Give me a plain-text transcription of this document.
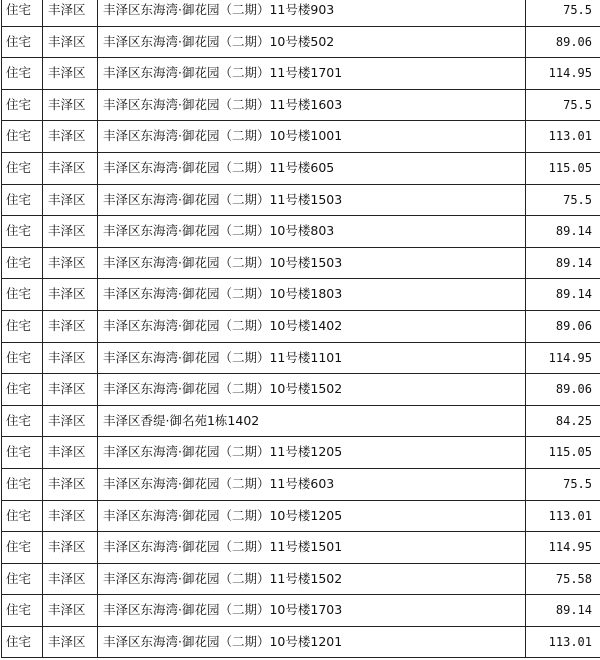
住宅	丰泽区	丰泽区东海湾·御花园（二期）11号楼903	75.5
住宅	丰泽区	丰泽区东海湾·御花园（二期）10号楼502	89.06
住宅	丰泽区	丰泽区东海湾·御花园（二期）11号楼1701	114.95
住宅	丰泽区	丰泽区东海湾·御花园（二期）11号楼1603	75.5
住宅	丰泽区	丰泽区东海湾·御花园（二期）10号楼1001	113.01
住宅	丰泽区	丰泽区东海湾·御花园（二期）11号楼605	115.05
住宅	丰泽区	丰泽区东海湾·御花园（二期）11号楼1503	75.5
住宅	丰泽区	丰泽区东海湾·御花园（二期）10号楼803	89.14
住宅	丰泽区	丰泽区东海湾·御花园（二期）10号楼1503	89.14
住宅	丰泽区	丰泽区东海湾·御花园（二期）10号楼1803	89.14
住宅	丰泽区	丰泽区东海湾·御花园（二期）10号楼1402	89.06
住宅	丰泽区	丰泽区东海湾·御花园（二期）11号楼1101	114.95
住宅	丰泽区	丰泽区东海湾·御花园（二期）10号楼1502	89.06
住宅	丰泽区	丰泽区香缇·御名苑1栋1402	84.25
住宅	丰泽区	丰泽区东海湾·御花园（二期）11号楼1205	115.05
住宅	丰泽区	丰泽区东海湾·御花园（二期）11号楼603	75.5
住宅	丰泽区	丰泽区东海湾·御花园（二期）10号楼1205	113.01
住宅	丰泽区	丰泽区东海湾·御花园（二期）11号楼1501	114.95
住宅	丰泽区	丰泽区东海湾·御花园（二期）11号楼1502	75.58
住宅	丰泽区	丰泽区东海湾·御花园（二期）10号楼1703	89.14
住宅	丰泽区	丰泽区东海湾·御花园（二期）10号楼1201	113.01
